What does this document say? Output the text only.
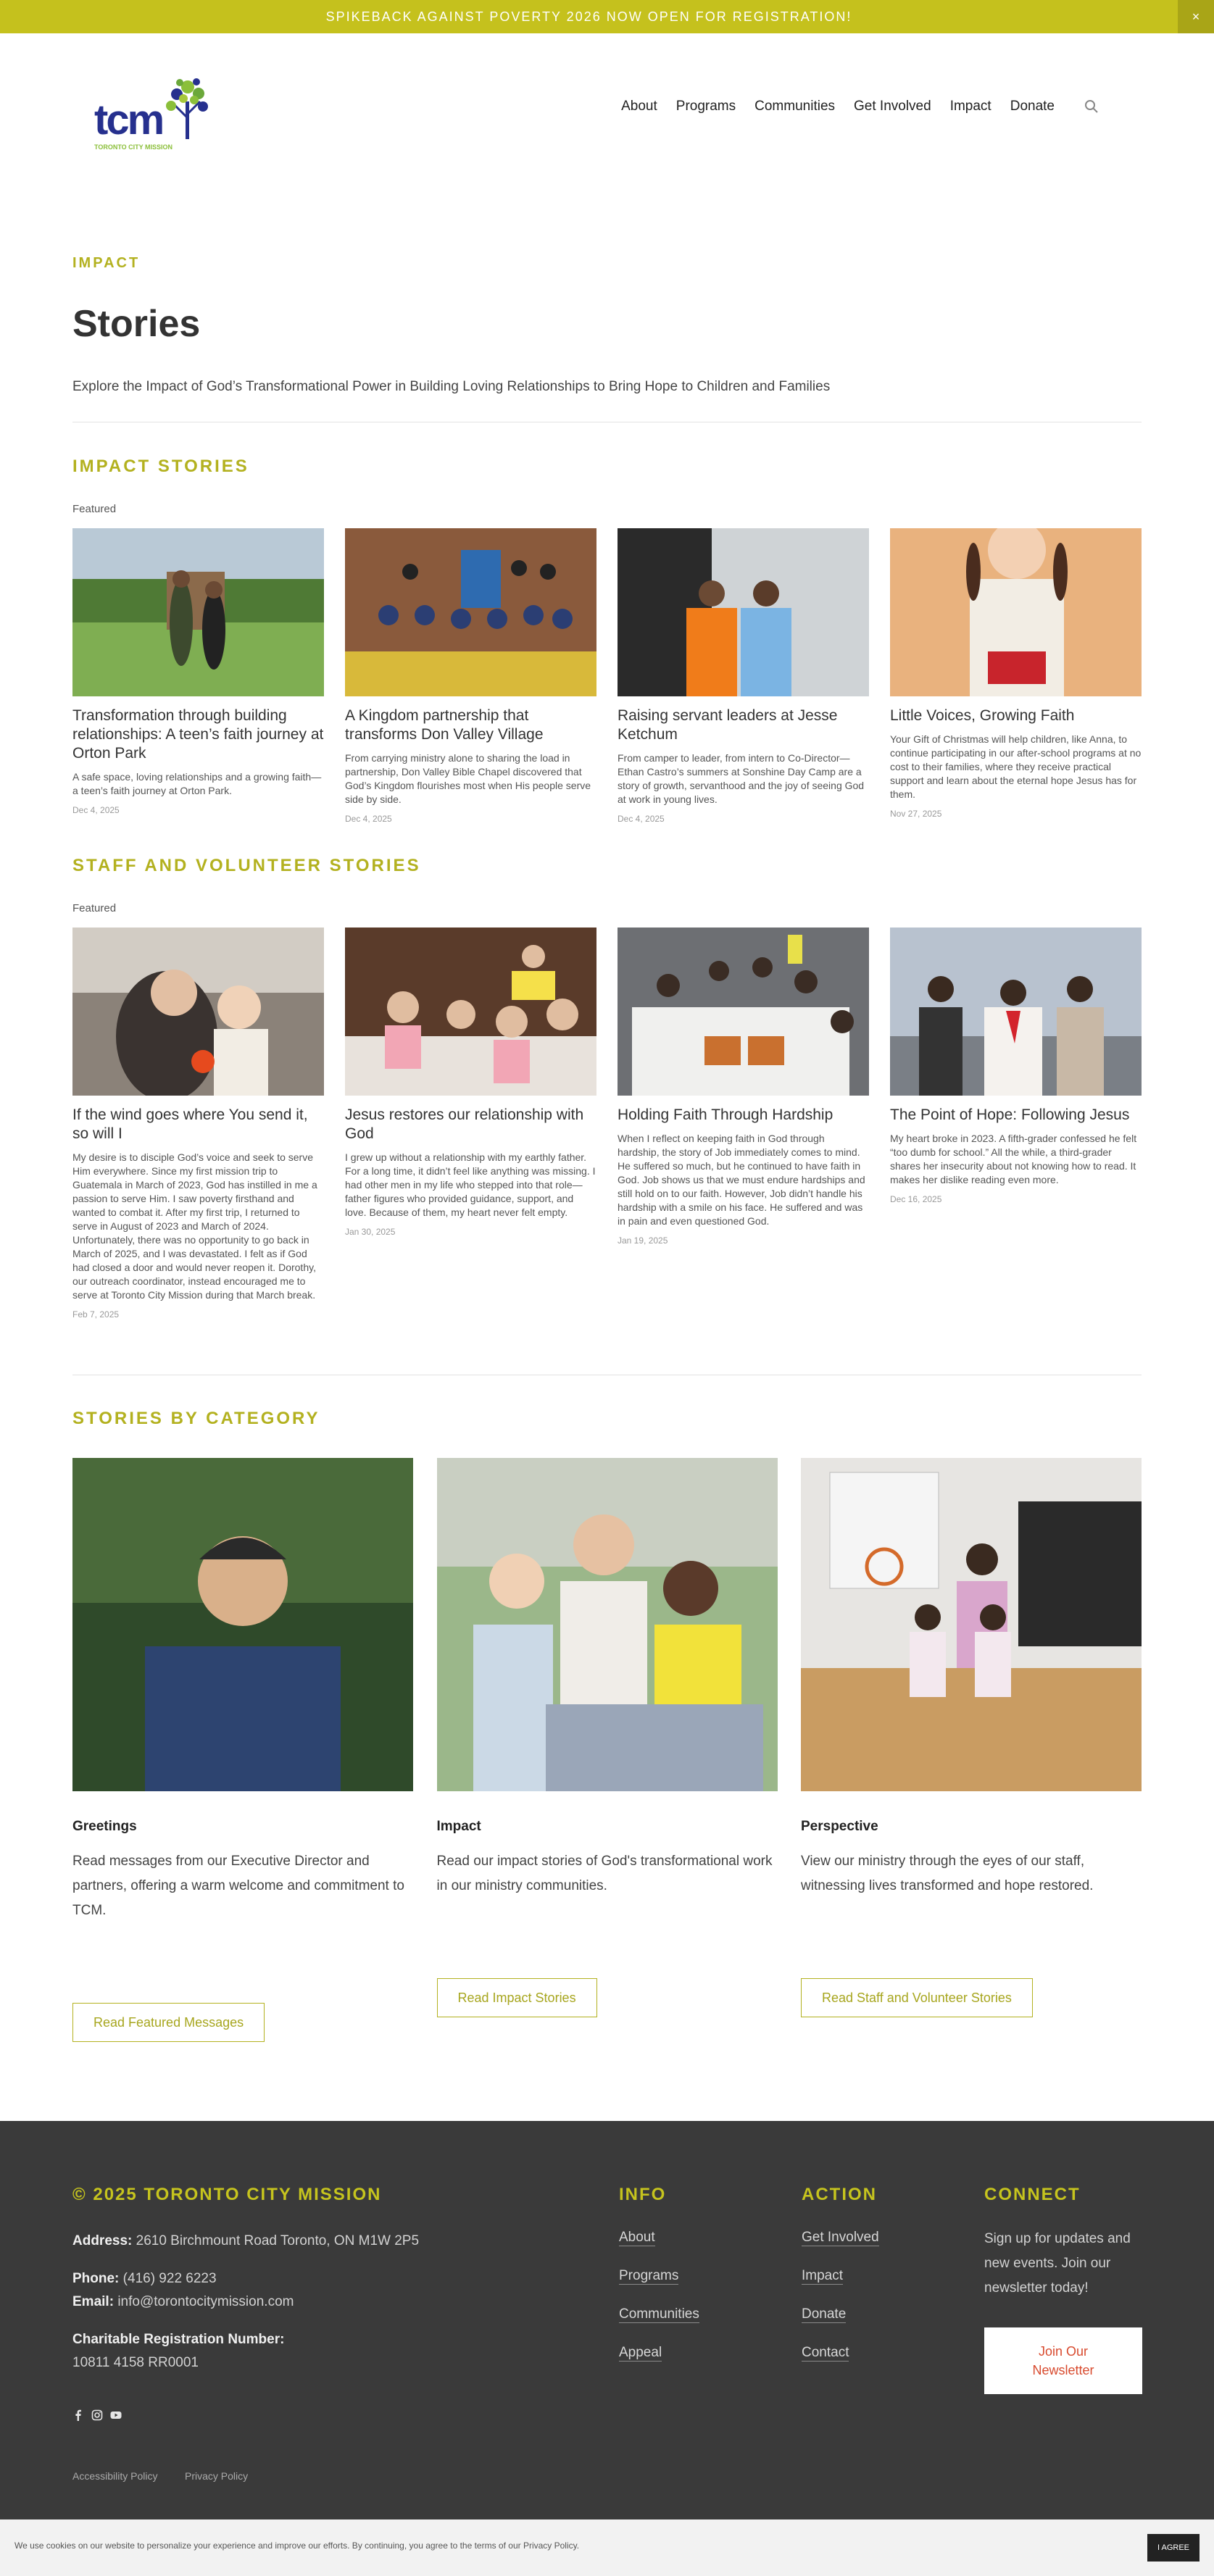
SPIKEBACK AGAINST POVERTY 2026 NOW OPEN FOR REGISTRATION!	×
tcm
TORONTO CITY MISSION
About Programs Communities Get Involved Impact Donate
IMPACT
Stories
Explore the Impact of God’s Transformational Power in Building Loving Relationships to Bring Hope to Children and Families
IMPACT STORIES
Featured
Transformation through building relationships: A teen’s faith journey at Orton Park
A safe space, loving relationships and a growing faith— a teen’s faith journey at Orton Park.
Dec 4, 2025
A Kingdom partnership that transforms Don Valley Village
From carrying ministry alone to sharing the load in partnership, Don Valley Bible Chapel discovered that God’s Kingdom flourishes most when His people serve side by side.
Dec 4, 2025
Raising servant leaders at Jesse Ketchum
From camper to leader, from intern to Co-Director—Ethan Castro’s summers at Sonshine Day Camp are a story of growth, servanthood and the joy of seeing God at work in young lives.
Dec 4, 2025
Little Voices, Growing Faith
Your Gift of Christmas will help children, like Anna, to continue participating in our after-school programs at no cost to their families, where they receive practical support and learn about the eternal hope Jesus has for them.
Nov 27, 2025
STAFF AND VOLUNTEER STORIES
Featured
If the wind goes where You send it, so will I
My desire is to disciple God’s voice and seek to serve Him everywhere. Since my first mission trip to Guatemala in March of 2023, God has instilled in me a passion to serve Him. I saw poverty firsthand and wanted to combat it. After my first trip, I returned to serve in August of 2023 and March of 2024. Unfortunately, there was no opportunity to go back in March of 2025, and I was devastated. I felt as if God had closed a door and would never reopen it. Dorothy, our outreach coordinator, instead encouraged me to serve at Toronto City Mission during that March break.
Feb 7, 2025
Jesus restores our relationship with God
I grew up without a relationship with my earthly father. For a long time, it didn’t feel like anything was missing. I had other men in my life who stepped into that role—father figures who provided guidance, support, and love. Because of them, my heart never felt empty.
Jan 30, 2025
Holding Faith Through Hardship
When I reflect on keeping faith in God through hardship, the story of Job immediately comes to mind. He suffered so much, but he continued to have faith in God. Job shows us that we must endure hardships and still hold on to our faith. However, Job didn’t handle his hardship with a smile on his face. He suffered and was in pain and even questioned God.
Jan 19, 2025
The Point of Hope: Following Jesus
My heart broke in 2023. A fifth-grader confessed he felt “too dumb for school.” All the while, a third-grader shares her insecurity about not knowing how to read. It makes her dislike reading even more.
Dec 16, 2025
STORIES BY CATEGORY
Greetings
Read messages from our Executive Director and partners, offering a warm welcome and commitment to TCM.
Read Featured Messages
Impact
Read our impact stories of God's transformational work in our ministry communities.
Read Impact Stories
Perspective
View our ministry through the eyes of our staff, witnessing lives transformed and hope restored.
Read Staff and Volunteer Stories
© 2025 TORONTO CITY MISSION
Address: 2610 Birchmount Road Toronto, ON M1W 2P5
Phone: (416) 922 6223
Email: info@torontocitymission.com
Charitable Registration Number:
10811 4158 RR0001
Accessibility Policy	Privacy Policy
INFO
About
Programs
Communities
Appeal
ACTION
Get Involved
Impact
Donate
Contact
CONNECT
Sign up for updates and new events. Join our newsletter today!
Join Our Newsletter
We use cookies on our website to personalize your experience and improve our efforts. By continuing, you agree to the terms of our Privacy Policy.	I AGREE
